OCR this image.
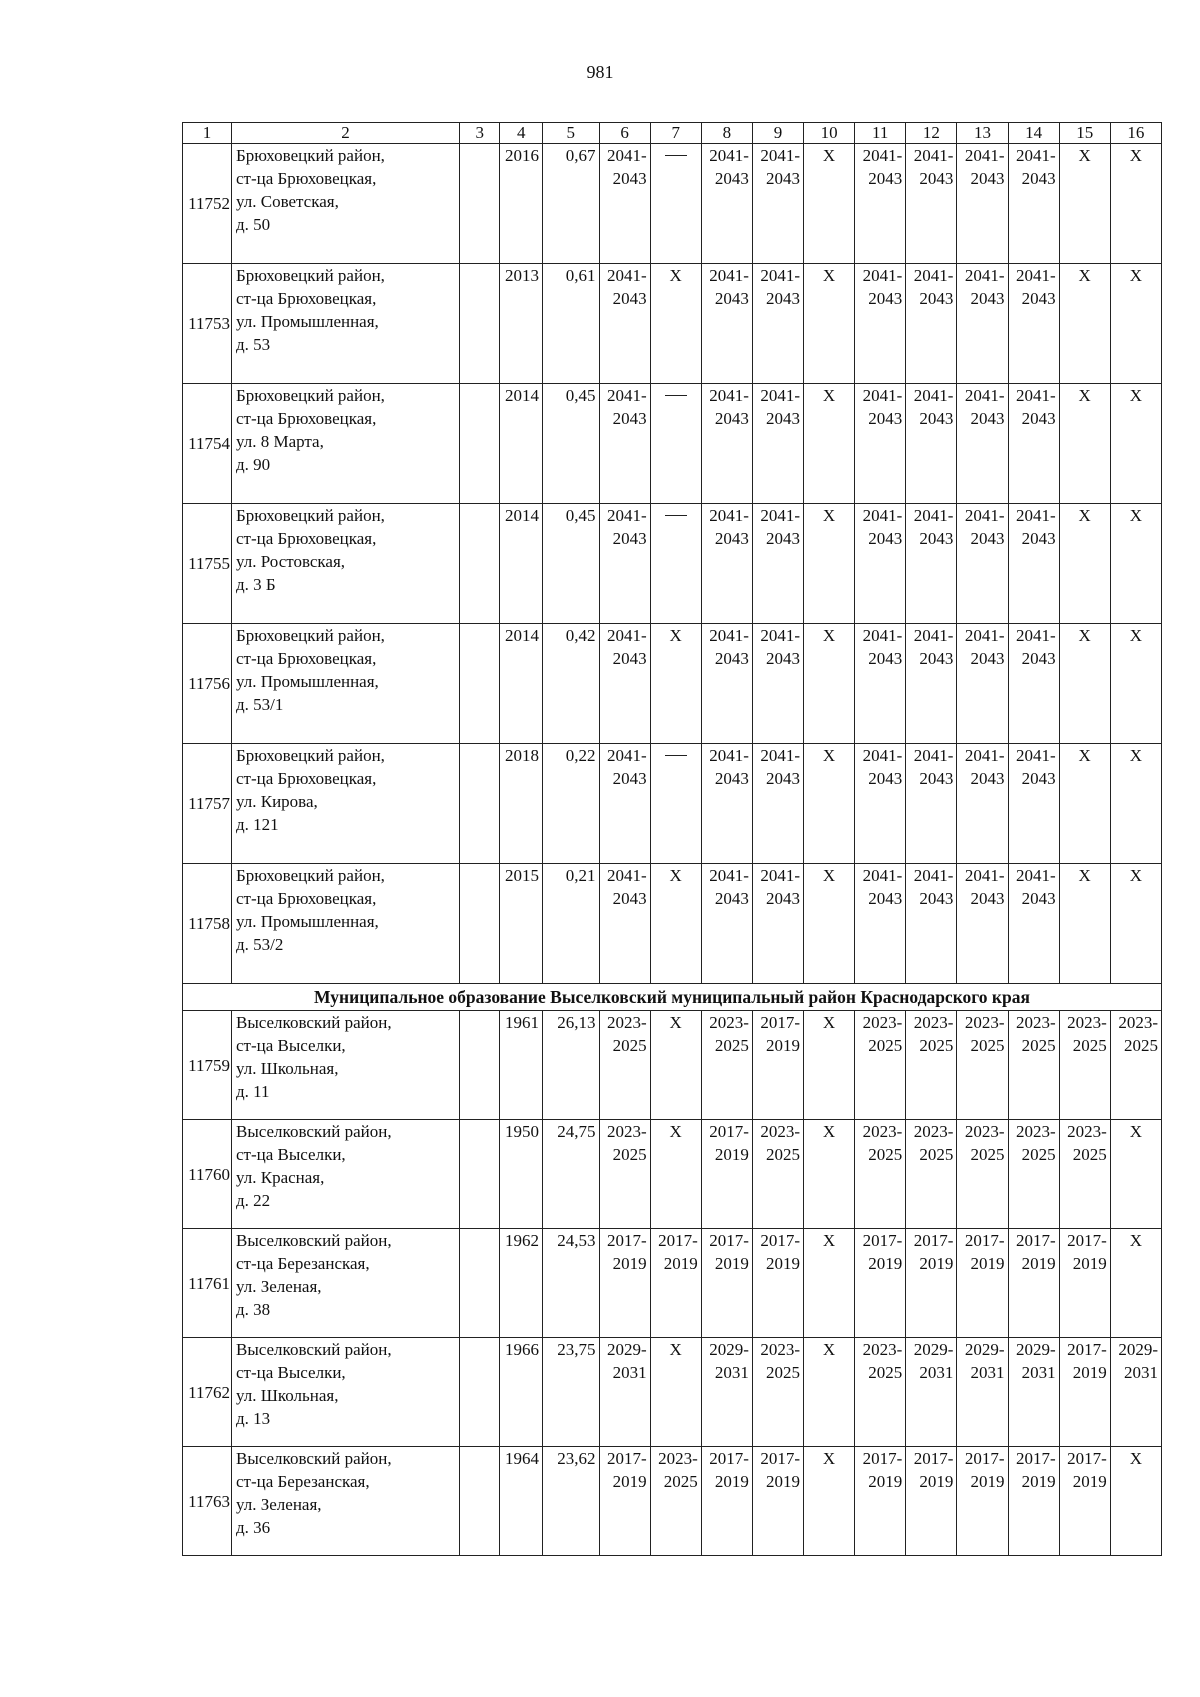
981
1	2	3	4	5	6	7	8	9	10	11	12	13	14	15	16
11752	Брюховецкий район,
ст-ца Брюховецкая,
ул. Советская,
д. 50		2016	0,67	2041-
2043		2041-
2043	2041-
2043	X	2041-
2043	2041-
2043	2041-
2043	2041-
2043	X	X
11753	Брюховецкий район,
ст-ца Брюховецкая,
ул. Промышленная,
д. 53		2013	0,61	2041-
2043	X	2041-
2043	2041-
2043	X	2041-
2043	2041-
2043	2041-
2043	2041-
2043	X	X
11754	Брюховецкий район,
ст-ца Брюховецкая,
ул. 8 Марта,
д. 90		2014	0,45	2041-
2043		2041-
2043	2041-
2043	X	2041-
2043	2041-
2043	2041-
2043	2041-
2043	X	X
11755	Брюховецкий район,
ст-ца Брюховецкая,
ул. Ростовская,
д. 3 Б		2014	0,45	2041-
2043		2041-
2043	2041-
2043	X	2041-
2043	2041-
2043	2041-
2043	2041-
2043	X	X
11756	Брюховецкий район,
ст-ца Брюховецкая,
ул. Промышленная,
д. 53/1		2014	0,42	2041-
2043	X	2041-
2043	2041-
2043	X	2041-
2043	2041-
2043	2041-
2043	2041-
2043	X	X
11757	Брюховецкий район,
ст-ца Брюховецкая,
ул. Кирова,
д. 121		2018	0,22	2041-
2043		2041-
2043	2041-
2043	X	2041-
2043	2041-
2043	2041-
2043	2041-
2043	X	X
11758	Брюховецкий район,
ст-ца Брюховецкая,
ул. Промышленная,
д. 53/2		2015	0,21	2041-
2043	X	2041-
2043	2041-
2043	X	2041-
2043	2041-
2043	2041-
2043	2041-
2043	X	X
Муниципальное образование Выселковский муниципальный район Краснодарского края															
11759	Выселковский район,
ст-ца Выселки,
ул. Школьная,
д. 11		1961	26,13	2023-
2025	X	2023-
2025	2017-
2019	X	2023-
2025	2023-
2025	2023-
2025	2023-
2025	2023-
2025	2023-
2025

11760	Выселковский район,
ст-ца Выселки,
ул. Красная,
д. 22		1950	24,75	2023-
2025	X	2017-
2019	2023-
2025	X	2023-
2025	2023-
2025	2023-
2025	2023-
2025	2023-
2025	X
11761	Выселковский район,
ст-ца Березанская,
ул. Зеленая,
д. 38		1962	24,53	2017-
2019	2017-
2019	2017-
2019	2017-
2019	X	2017-
2019	2017-
2019	2017-
2019	2017-
2019	2017-
2019	X
11762	Выселковский район,
ст-ца Выселки,
ул. Школьная,
д. 13		1966	23,75	2029-
2031	X	2029-
2031	2023-
2025	X	2023-
2025	2029-
2031	2029-
2031	2029-
2031	2017-
2019	2029-
2031

11763	Выселковский район,
ст-ца Березанская,
ул. Зеленая,
д. 36		1964	23,62	2017-
2019	2023-
2025	2017-
2019	2017-
2019	X	2017-
2019	2017-
2019	2017-
2019	2017-
2019	2017-
2019	X
